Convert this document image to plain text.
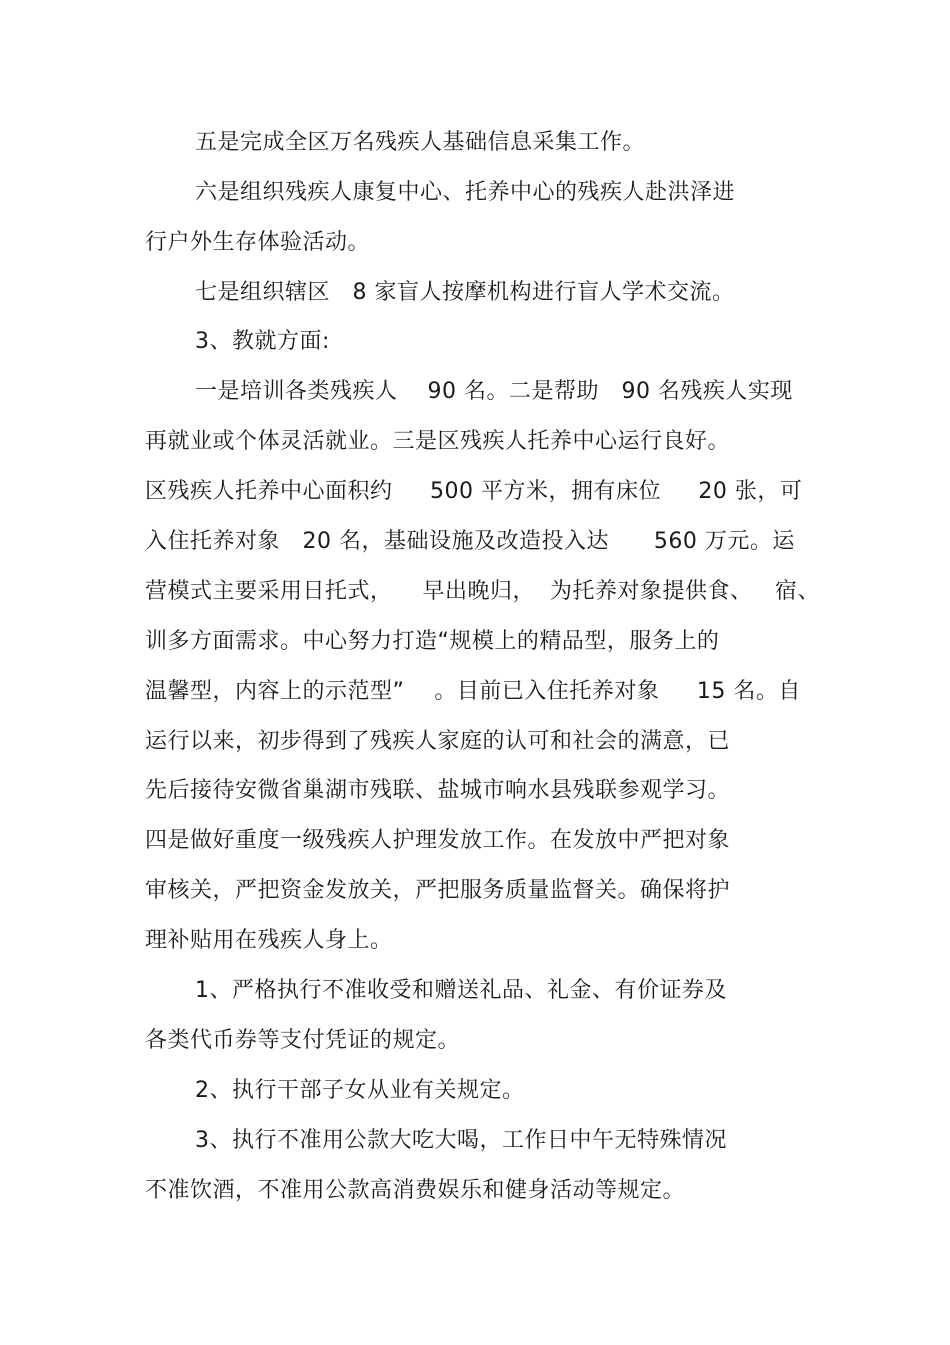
五是完成全区万名残疾人基础信息采集工作。
六是组织残疾人康复中心、托养中心的残疾人赴洪泽进
行户外生存体验活动。
七是组织辖区   8 家盲人按摩机构进行盲人学术交流。
3、教就方面:
一是培训各类残疾人    90 名。二是帮助   90 名残疾人实现
再就业或个体灵活就业。三是区残疾人托养中心运行良好。
区残疾人托养中心面积约     500 平方米，拥有床位     20 张，可
入住托养对象   20 名，基础设施及改造投入达      560 万元。运
营模式主要采用日托式，    早出晚归，  为托养对象提供食、   宿、
训多方面需求。中心努力打造“规模上的精品型，服务上的
温馨型，内容上的示范型”    。目前已入住托养对象     15 名。自
运行以来，初步得到了残疾人家庭的认可和社会的满意，已
先后接待安微省巢湖市残联、盐城市响水县残联参观学习。
四是做好重度一级残疾人护理发放工作。在发放中严把对象
审核关，严把资金发放关，严把服务质量监督关。确保将护
理补贴用在残疾人身上。
1、严格执行不准收受和赠送礼品、礼金、有价证券及
各类代币券等支付凭证的规定。
2、执行干部子女从业有关规定。
3、执行不准用公款大吃大喝，工作日中午无特殊情况
不准饮酒，不准用公款高消费娱乐和健身活动等规定。
